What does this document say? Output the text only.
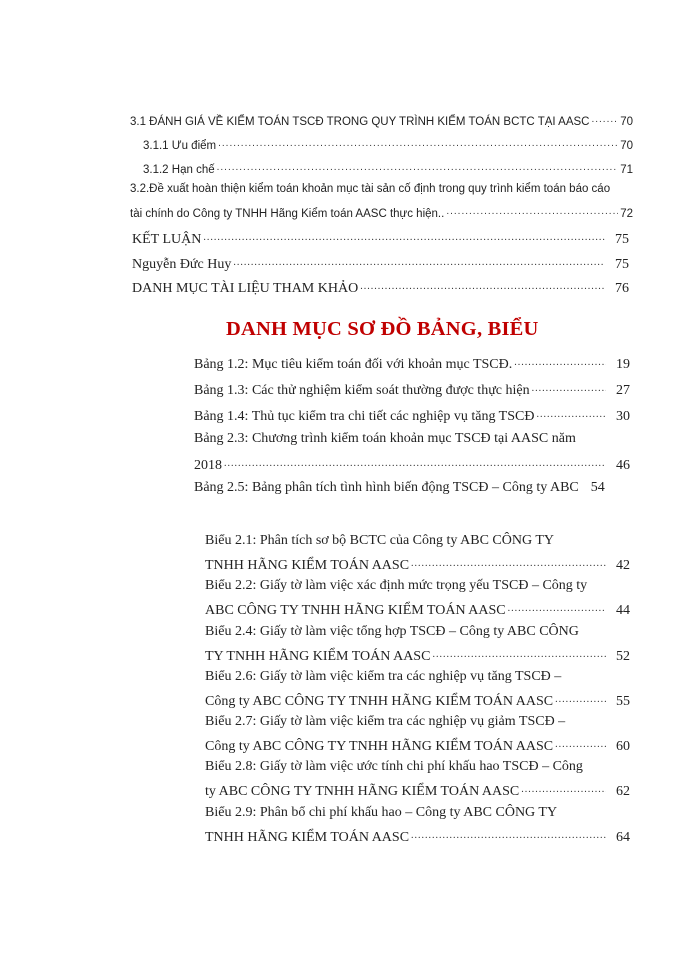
3.1 ĐÁNH GIÁ VỀ KIỂM TOÁN TSCĐ TRONG QUY TRÌNH KIỂM TOÁN BCTC TẠI AASC .....	70
3.1.1 Ưu điểm .....	70
3.1.2 Hạn chế .....	71
3.2.Đề xuất hoàn thiện kiểm toán khoản mục tài sản cố định trong quy trình kiểm toán báo cáo
tài chính do Công ty TNHH Hãng Kiểm toán AASC thực hiện.. .....	72
KẾT LUẬN .....	75
Nguyễn Đức Huy .....	75
DANH MỤC TÀI LIỆU THAM KHẢO .....	76
DANH MỤC SƠ ĐỒ BẢNG, BIỂU
Bảng 1.2: Mục tiêu kiểm toán đối với khoản mục TSCĐ. .....	19
Bảng 1.3: Các thử nghiệm kiểm soát thường được thực hiện .....	27
Bảng 1.4: Thủ tục kiểm tra chi tiết các nghiệp vụ tăng TSCĐ .....	30
Bảng 2.3: Chương trình kiểm toán khoản mục TSCĐ tại AASC năm
2018 .....	46
Bảng 2.5: Bảng phân tích tình hình biến động TSCĐ – Công ty ABC 54
Biểu 2.1: Phân tích sơ bộ BCTC của Công ty ABC CÔNG TY
TNHH HÃNG KIỂM TOÁN AASC .....	42
Biểu 2.2: Giấy tờ làm việc xác định mức trọng yếu TSCĐ – Công ty
ABC CÔNG TY TNHH HÃNG KIỂM TOÁN AASC .....	44
Biểu 2.4: Giấy tờ làm việc tổng hợp TSCĐ – Công ty ABC CÔNG
TY TNHH HÃNG KIỂM TOÁN AASC .....	52
Biểu 2.6: Giấy tờ làm việc kiểm tra các nghiệp vụ tăng TSCĐ –
Công ty ABC CÔNG TY TNHH HÃNG KIỂM TOÁN AASC .....	55
Biểu 2.7: Giấy tờ làm việc kiểm tra các nghiệp vụ giảm TSCĐ –
Công ty ABC CÔNG TY TNHH HÃNG KIỂM TOÁN AASC .....	60
Biểu 2.8: Giấy tờ làm việc ước tính chi phí khấu hao TSCĐ – Công
ty ABC CÔNG TY TNHH HÃNG KIỂM TOÁN AASC .....	62
Biểu 2.9: Phân bổ chi phí khấu hao – Công ty ABC CÔNG TY
TNHH HÃNG KIỂM TOÁN AASC .....	64
